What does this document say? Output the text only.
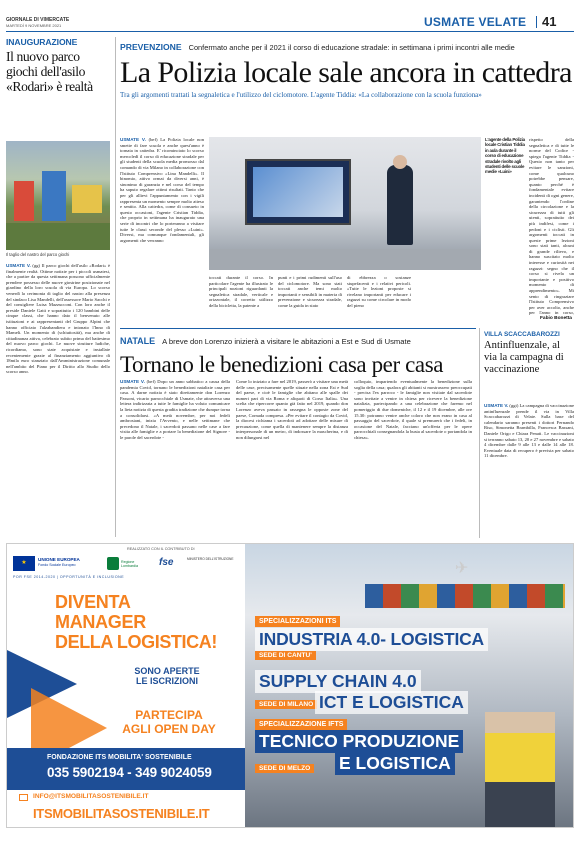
GIORNALE DI VIMERCATE
MARTEDÌ 9 NOVEMBRE 2021	USMATE VELATE 41
INAUGURAZIONE
Il nuovo parco giochi dell'asilo «Rodari» è realtà
Il taglio del nastro del parco giochi
USMATE V. (gg) Il parco giochi dell'asilo «Rodari» è finalmente realtà. Ottime notizie per i piccoli usmatesi, che a partire da questa settimana possono ufficialmente prendere possesso delle nuove giostrine posizionate nel giardino della loro scuola di via Europa. Lo scorso venerdì la cerimonia di taglio del nastro alla presenza del sindaco Lisa Mandelli, dell'assessore Mario Sacchi e del consigliere Luisa Mazzucconi. Con loro anche il preside Daniele Gatti e soprattutto i 120 bambini delle cinque classi, che hanno dato il benvenuto alle istituzioni e ai rappresentanti del Gruppo Alpini che hanno officiato l'alzabandiera e intonato l'Inno di Mameli. Un momento di (schiuttosità), ma anche di cittadinanza attiva, celebrato subito prima del battesimo del nuovo parco giochi. Le nuove strutture ludiche, ricordiamo, sono state acquistate e installate recentemente grazie al finanziamento aggiuntivo di 18mila euro stanziato dall'Amministrazione comunale nell'ambito del Piano per il Diritto allo Studio dello scorso anno.
PREVENZIONE Confermato anche per il 2021 il corso di educazione stradale: in settimana i primi incontri alle medie
La Polizia locale sale ancora in cattedra
Tra gli argomenti trattati la segnaletica e l'utilizzo del ciclomotore. L'agente Tiddia: «La collaborazione con la scuola funziona»
USMATE V. (bef) La Polizia locale non smette di fare scuola e anche quest'anno è tornata in cattedra. E' ricominciato lo scorso mercoledì il corso di educazione stradale per gli studenti della scuola media promosso dal comando di via Milano in collaborazione con l'Istituto Comprensivo «Lina Mandelli». Il binomio, attivo ormai da diversi anni, è sinonimo di garanzia e nel corso del tempo ha saputo regalare ottimi risultati. Tanto che per gli allievi l'appuntamento con i vigili rappresenta un momento sempre molto atteso e sentito. Alla cattedra, come di consueto in questo occasioni, l'agente Cristian Tiddia, che proprio in settimana ha inaugurato una serie di incontri che lo porteranno a visitare tutte le classi seconde del plesso «Luini». Diversi, ma comunque fondamentali, gli argomenti che verranno
L'agente della Polizia locale Cristian Tiddia in aula durante il corso di educazione stradale rivolto agli studenti delle scuole medie «Luini»
toccati durante il corso. In particolare l'agente ha illustrato le principali nozioni riguardanti la segnaletica stradale, verticale e orizzontale, il corretto utilizzo della bicicletta, la patente a
punti e i primi rudimenti sull'uso del ciclomotore. Ma sono stati toccati anche temi molto importanti e sensibili in materia di prevenzione e sicurezza stradale, come la guida in stato
di ebbrezza o sostanze stupefacenti e i relativi pericoli. «Tutte le lezioni proposte si rivelano importanti per educare i ragazzi su come circolare in modo del pieno
rispetto della segnaletica e di tutte le norme del Codice - spiega l'agente Tiddia - Questo non tanto per evitare le sanzioni, come qualcuno potrebbe pensare, quanto perché è fondamentale evitare incidenti di ogni genere, garantendo l'ordine della circolazione e la sicurezza di tutti gli utenti, soprattutto dei più indifesi, come i pedoni e i ciclisti. Gli argomenti toccati in queste prime lezioni sono stati tanti, alcuni di grande rilievo, e hanno suscitato molto interesse e curiosità nei ragazzi: segno che il corso si rivela un importante e positivo momento di apprendimento». Mi sento di ringraziare l'Istituto Comprensivo per aver accolto, anche per l'anno in corso,
Fabio Bonetta
NATALE A breve don Lorenzo inizierà a visitare le abitazioni a Est e Sud di Usmate
Tornano le benedizioni casa per casa
USMATE V. (bef) Dopo un anno sabbatico a causa della pandemia Covid, tornano le benedizioni natalizie casa per casa. A darne notizia è stato direttamente don Lorenzo Passoni, vicario parrocchiale di Usmate, che attraverso una lettera indirizzata a tutte le famiglie ha voluto comunicare la lieta notizia di questa gradita tradizione che dunque torna a consolidarsi. «A metà novembre, per noi fedeli ambrosiani, inizia l'Avvento, e nelle settimane che precedono il Natale, i sacerdoti passano nelle case a fare visita alle famiglie e a portare la benedizione del Signore - le parole del sacerdote -
Come lo iniziato a fare nel 2019, passerò a visitare una metà delle case, precisamente quelle situate nella zona Est e Sud del paese, e cioè le famiglie che abitano alle spalle dei numeri pari di via Roma e aliquoti di Corso Italia». Una scelta che ripercorre quanto già fatto nel 2019, quando don Lorenzo aveva passato in rassegna le opposte zone del paese, Cornada compresa. «Per evitare il contagio da Covid, la diocesi richiama i sacerdoti ad adottare delle misure di precauzione, come quella di mantenere sempre la distanza interpersonale di un metro, di indossare la mascherina, e di non dilungarsi nel
colloquio, impartendo eventualmente la benedizione sulla soglia della casa; qualora gli abitanti si mostrassero preoccupati - precisa l'ex parroco - le famiglie non visitate dal sacerdote sono invitate a venire in chiesa per ricevere la benedizione natalizia, partecipando a una celebrazione che faremo nel pomeriggio di due domeniche, il 12 e il 19 dicembre, alle ore 15.30: potranno venire anche coloro che non erano in casa al passaggio del sacerdote, il quale si premurerà che i fedeli, in occasione del Natale, facciano un'offerta per le opere parrocchiali consegnandola la busta al sacerdote o portandola in chiesa».
VILLA SCACCABAROZZI
Antinfluenzale, al via la campagna di vaccinazione
USMATE V. (ggi) La campagna di vaccinazione antinfluenzale prende il via in Villa Scaccabarozzi di Velate. Sulla base del calendario saranno presenti i dottori Fernando Riso, Simonetta Brambilla, Francesca Bassani, Daniele Origo e Chiara Penati. Le vaccinazioni si terranno sabato 13, 20 e 27 novembre e sabato 4 dicembre dalle 9 alle 13 e dalle 14 alle 18. Eventuale data di recupero è prevista per sabato 11 dicembre.
REALIZZATO CON IL CONTRIBUTO DI
★
UNIONE EUROPEA
Fondo Sociale Europeo
Regione Lombardia	fse	MINISTERO DELL'ISTRUZIONE
POR FSE 2014-2020 | OPPORTUNITÀ E INCLUSIONE
DIVENTA
MANAGER
DELLA LOGISTICA!
SONO APERTE
LE ISCRIZIONI
PARTECIPA
AGLI OPEN DAY
FONDAZIONE ITS MOBILITA' SOSTENIBILE
035 5902194 - 349 9024059
INFO@ITSMOBILITASOSTENIBILE.IT
ITSMOBILITASOSTENIBILE.IT
✈
SPECIALIZZAZIONI ITS
INDUSTRIA 4.0- LOGISTICA
SEDE DI CANTU'
SUPPLY CHAIN 4.0
SEDE DI MILANO ICT E LOGISTICA
SPECIALIZZAZIONE IFTS
TECNICO PRODUZIONE
E LOGISTICA
SEDE DI MELZO
